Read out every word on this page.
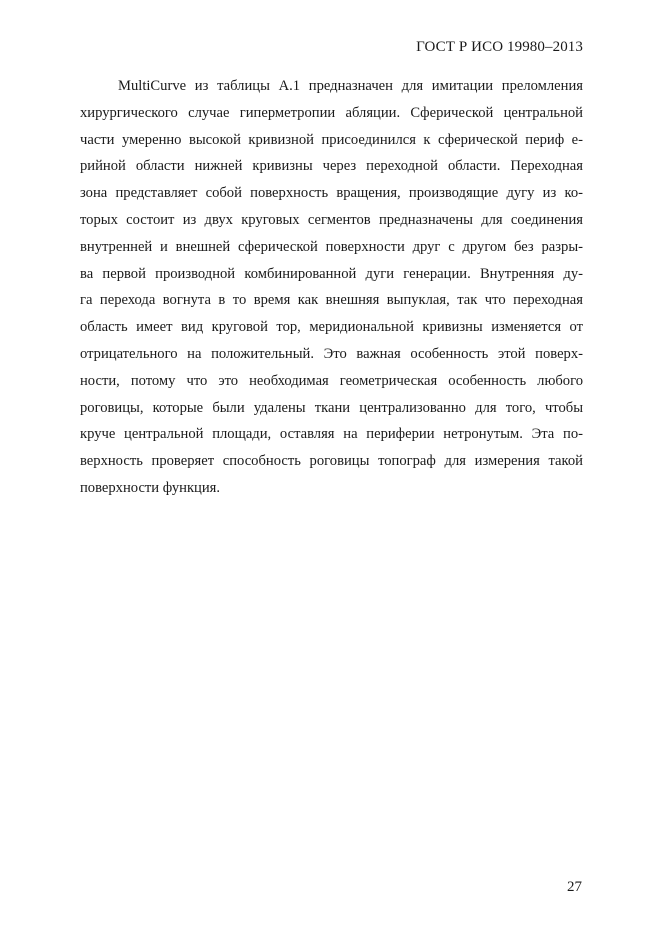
ГОСТ Р ИСО 19980–2013
MultiCurve из таблицы А.1 предназначен для имитации преломления
хирургического случае гиперметропии абляции. Сферической центральной
части умеренно высокой кривизной присоединился к сферической периф е-
рийной области нижней кривизны через переходной области. Переходная
зона представляет собой поверхность вращения, производящие дугу из ко-
торых состоит из двух круговых сегментов предназначены для соединения
внутренней и внешней сферической поверхности друг с другом без разры-
ва первой производной комбинированной дуги генерации. Внутренняя ду-
га перехода вогнута в то время как внешняя выпуклая, так что переходная
область имеет вид круговой тор, меридиональной кривизны изменяется от
отрицательного на положительный. Это важная особенность этой поверх-
ности, потому что это необходимая геометрическая особенность любого
роговицы, которые были удалены ткани централизованно для того, чтобы
круче центральной площади, оставляя на периферии нетронутым. Эта по-
верхность проверяет способность роговицы топограф для измерения такой
поверхности функция.
27
